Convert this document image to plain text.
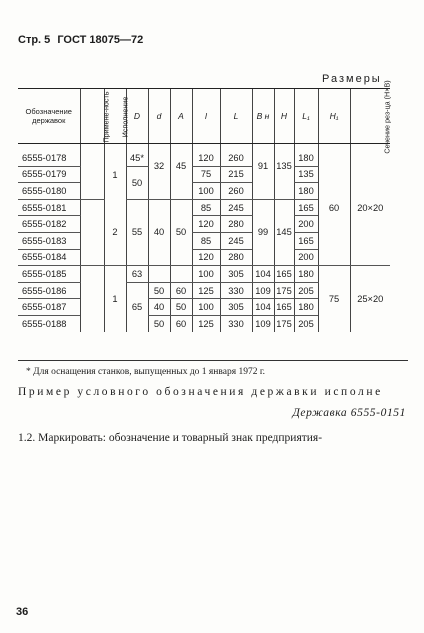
Стр. 5 ГОСТ 18075—72
Размеры
Обозначение державок	Примене-ность	Исполнение	D	d	A	l	L	В н	H	L₁	H₁	Сечение рез-ца (H×B)
6555-0178		1	45*	32	45	120	260	91	135	180	60	20×20
6555-0179			50			75	215			135		
6555-0180						100	260			180		
6555-0181		2	55	40	50	85	245	99	145	165		
6555-0182						120	280			200		
6555-0183						85	245			165		
6555-0184						120	280			200		
6555-0185		1	63			100	305	104	165	180	75	25×20
6555-0186			65	50	60	125	330	109	175	205		
6555-0187				40	50	100	305	104	165	180		
6555-0188				50	60	125	330	109	175	205		
* Для оснащения станков, выпущенных до 1 января 1972 г.
Пример условного обозначения державки исполне
Державка 6555-0151
1.2. Маркировать: обозначение и товарный знак предприятия-
36
